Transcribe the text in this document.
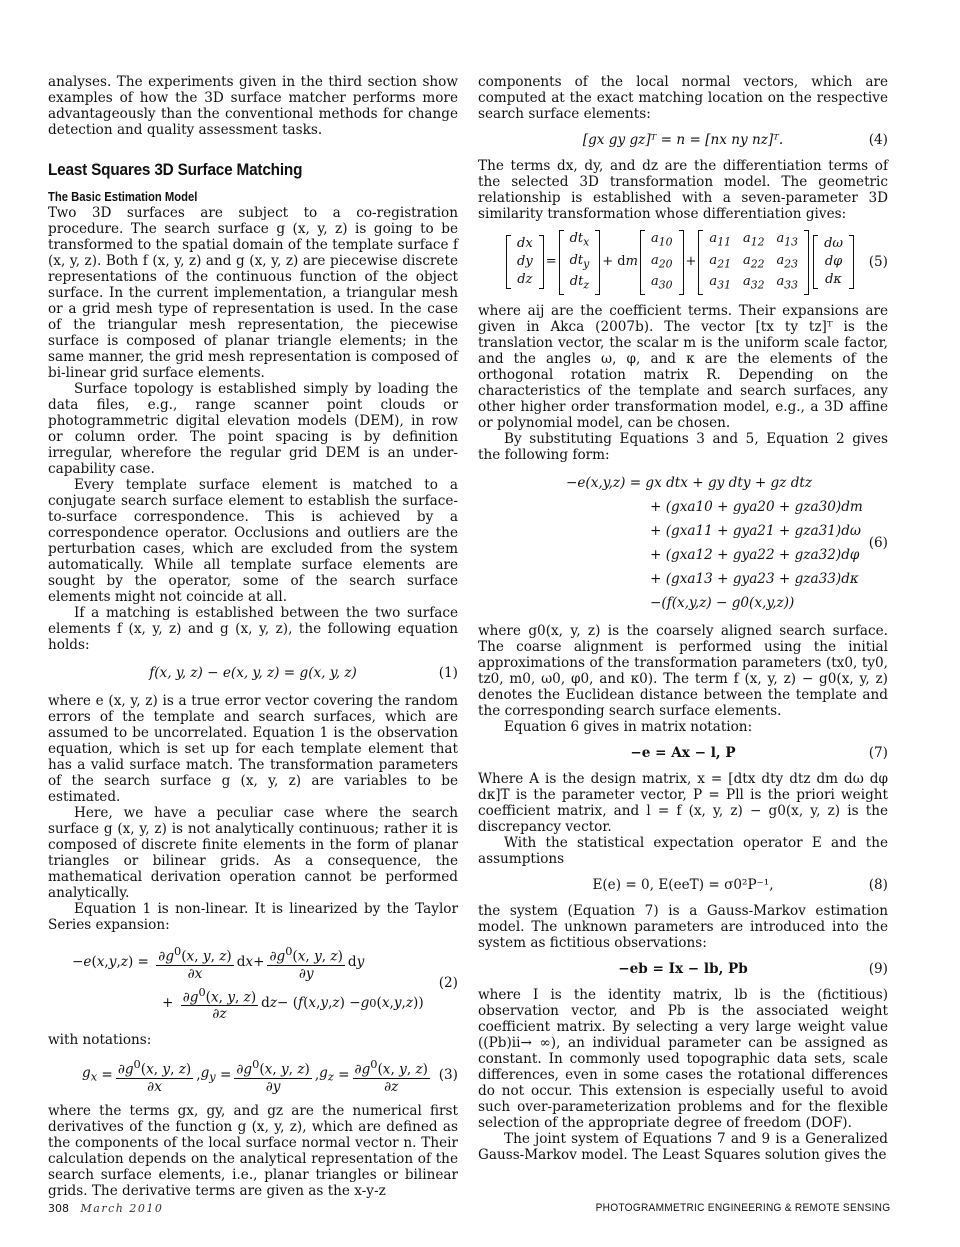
analyses. The experiments given in the third section show examples of how the 3D surface matcher performs more advantageously than the conventional methods for change detection and quality assessment tasks.

Least Squares 3D Surface Matching
The Basic Estimation Model

Two 3D surfaces are subject to a co-registration procedure. The search surface g (x, y, z) is going to be transformed to the spatial domain of the template surface f (x, y, z). Both f (x, y, z) and g (x, y, z) are piecewise discrete representations of the continuous function of the object surface. In the current implementation, a triangular mesh or a grid mesh type of representation is used. In the case of the triangular mesh representation, the piecewise surface is composed of planar triangle elements; in the same manner, the grid mesh representation is composed of bi-linear grid surface elements.

Surface topology is established simply by loading the data files, e.g., range scanner point clouds or photogrammetric digital elevation models (DEM), in row or column order. The point spacing is by definition irregular, wherefore the regular grid DEM is an under-capability case.

Every template surface element is matched to a conjugate search surface element to establish the surface-to-surface correspondence. This is achieved by a correspondence operator. Occlusions and outliers are the perturbation cases, which are excluded from the system automatically. While all template surface elements are sought by the operator, some of the search surface elements might not coincide at all.

If a matching is established between the two surface elements f (x, y, z) and g (x, y, z), the following equation holds:

f(x, y, z) − e(x, y, z) = g(x, y, z)	(1)

where e (x, y, z) is a true error vector covering the random errors of the template and search surfaces, which are assumed to be uncorrelated. Equation 1 is the observation equation, which is set up for each template element that has a valid surface match. The transformation parameters of the search surface g (x, y, z) are variables to be estimated.

Here, we have a peculiar case where the search surface g (x, y, z) is not analytically continuous; rather it is composed of discrete finite elements in the form of planar triangles or bilinear grids. As a consequence, the mathematical derivation operation cannot be performed analytically.

Equation 1 is non-linear. It is linearized by the Taylor Series expansion:

−e ( x , y , z ) = $\frac{\partial g^0(x, y, z)}{\partial x}$ d $x + \frac{\partial g^0(x, y, z)}{\partial y}$ d y
+ $\frac{\partial g^0(x, y, z)}{\partial z}$ d z − ( f ( x , y , z ) − g 0 ( x , y , z ))
(2)

with notations:

$g_x = \frac{\partial g^0(x, y, z)}{\partial x}$ , $g_y = \frac{\partial g^0(x, y, z)}{\partial y}$ , $g_z = \frac{\partial g^0(x, y, z)}{\partial z} (3)$

where the terms gx, gy, and gz are the numerical first derivatives of the function g (x, y, z), which are defined as the components of the local surface normal vector n. Their calculation depends on the analytical representation of the search surface elements, i.e., planar triangles or bilinear grids. The derivative terms are given as the x-y-z

components of the local normal vectors, which are computed at the exact matching location on the respective search surface elements:

[gx gy gz]ᵀ = n = [nx ny nz]ᵀ.	(4)

The terms dx, dy, and dz are the differentiation terms of the selected 3D transformation model. The geometric relationship is established with a seven-parameter 3D similarity transformation whose differentiation gives:

dx
dy
dz
=
$dt_x$
$dt_y$
$dt_z$
+ d m
$a_{10}$
$a_{20}$
$a_{30}$
+
$a_{11}$	$a_{12}$	$a_{13}$
$a_{21}$	$a_{22}$	$a_{23}$
$a_{31}$	$a_{32}$	$a_{33}$
dω
dφ
dκ
(5)

where aij are the coefficient terms. Their expansions are given in Akca (2007b). The vector [tx ty tz]ᵀ is the translation vector, the scalar m is the uniform scale factor, and the angles ω, φ, and κ are the elements of the orthogonal rotation matrix R. Depending on the characteristics of the template and search surfaces, any other higher order transformation model, e.g., a 3D affine or polynomial model, can be chosen.

By substituting Equations 3 and 5, Equation 2 gives the following form:

−e(x,y,z) = gx dtx + gy dty + gz dtz
+ (gxa10 + gya20 + gza30)dm
+ (gxa11 + gya21 + gza31)dω
+ (gxa12 + gya22 + gza32)dφ
+ (gxa13 + gya23 + gza33)dκ
−(f(x,y,z) − g0(x,y,z))
(6)

where g0(x, y, z) is the coarsely aligned search surface. The coarse alignment is performed using the initial approximations of the transformation parameters (tx0, ty0, tz0, m0, ω0, φ0, and κ0). The term f (x, y, z) − g0(x, y, z) denotes the Euclidean distance between the template and the corresponding search surface elements.

Equation 6 gives in matrix notation:

−e = Ax − l, P	(7)

Where A is the design matrix, x = [dtx dty dtz dm dω dφ dκ]T is the parameter vector, P = Pll is the priori weight coefficient matrix, and l = f (x, y, z) − g0(x, y, z) is the discrepancy vector.

With the statistical expectation operator E and the assumptions

E(e) = 0, E(eeT) = σ0²P⁻¹,	(8)

the system (Equation 7) is a Gauss-Markov estimation model. The unknown parameters are introduced into the system as fictitious observations:

−eb = Ix − lb, Pb	(9)

where I is the identity matrix, lb is the (fictitious) observation vector, and Pb is the associated weight coefficient matrix. By selecting a very large weight value ((Pb)ii→ ∞), an individual parameter can be assigned as constant. In commonly used topographic data sets, scale differences, even in some cases the rotational differences do not occur. This extension is especially useful to avoid such over-parameterization problems and for the flexible selection of the appropriate degree of freedom (DOF).

The joint system of Equations 7 and 9 is a Generalized Gauss-Markov model. The Least Squares solution gives the

308 March 2010	PHOTOGRAMMETRIC ENGINEERING & REMOTE SENSING
